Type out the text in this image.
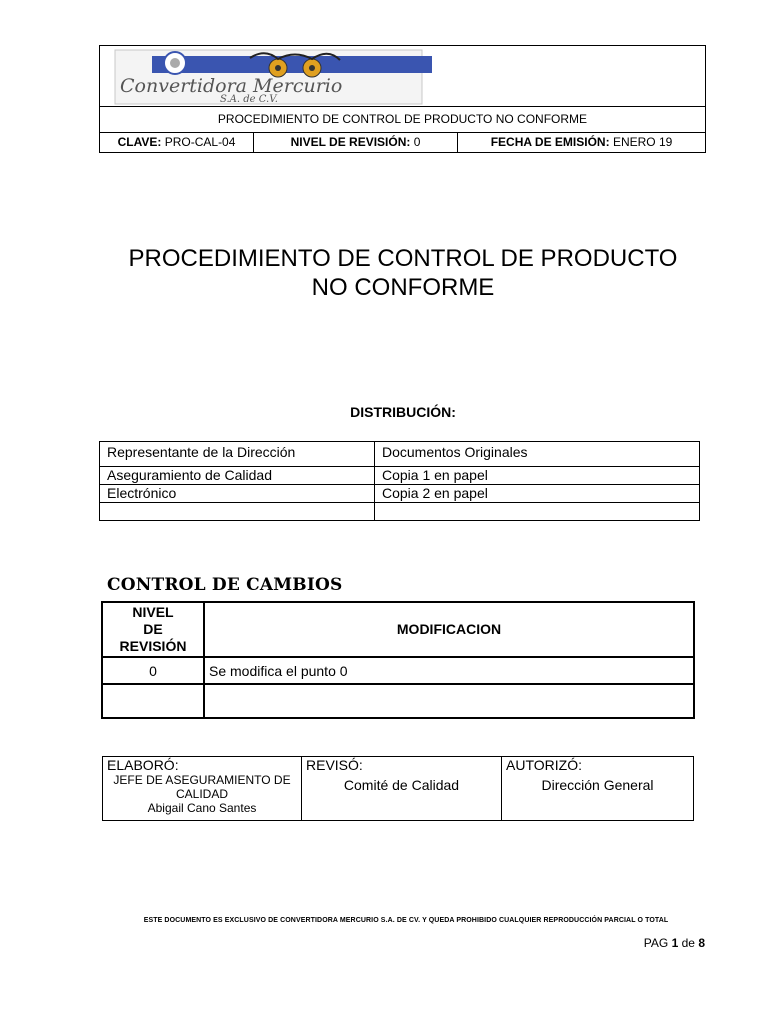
Convertidora Mercurio
S.A. de C.V.
PROCEDIMIENTO DE CONTROL DE PRODUCTO NO CONFORME
CLAVE: PRO-CAL-04	NIVEL DE REVISIÓN: 0	FECHA DE EMISIÓN: ENERO 19
PROCEDIMIENTO DE CONTROL DE PRODUCTO
NO CONFORME
DISTRIBUCIÓN:
Representante de la Dirección	Documentos Originales
Aseguramiento de Calidad	Copia 1 en papel
Electrónico	Copia 2 en papel

CONTROL DE CAMBIOS
NIVEL
DE
REVISIÓN	MODIFICACION
0	Se modifica el punto 0

ELABORÓ:
JEFE DE ASEGURAMIENTO DE CALIDAD
Abigail Cano Santes

REVISÓ:
Comité de Calidad

AUTORIZÓ:
Dirección General
ESTE DOCUMENTO ES EXCLUSIVO DE CONVERTIDORA MERCURIO S.A. DE CV. Y QUEDA PROHIBIDO CUALQUIER REPRODUCCIÓN PARCIAL O TOTAL
PAG 1 de 8
